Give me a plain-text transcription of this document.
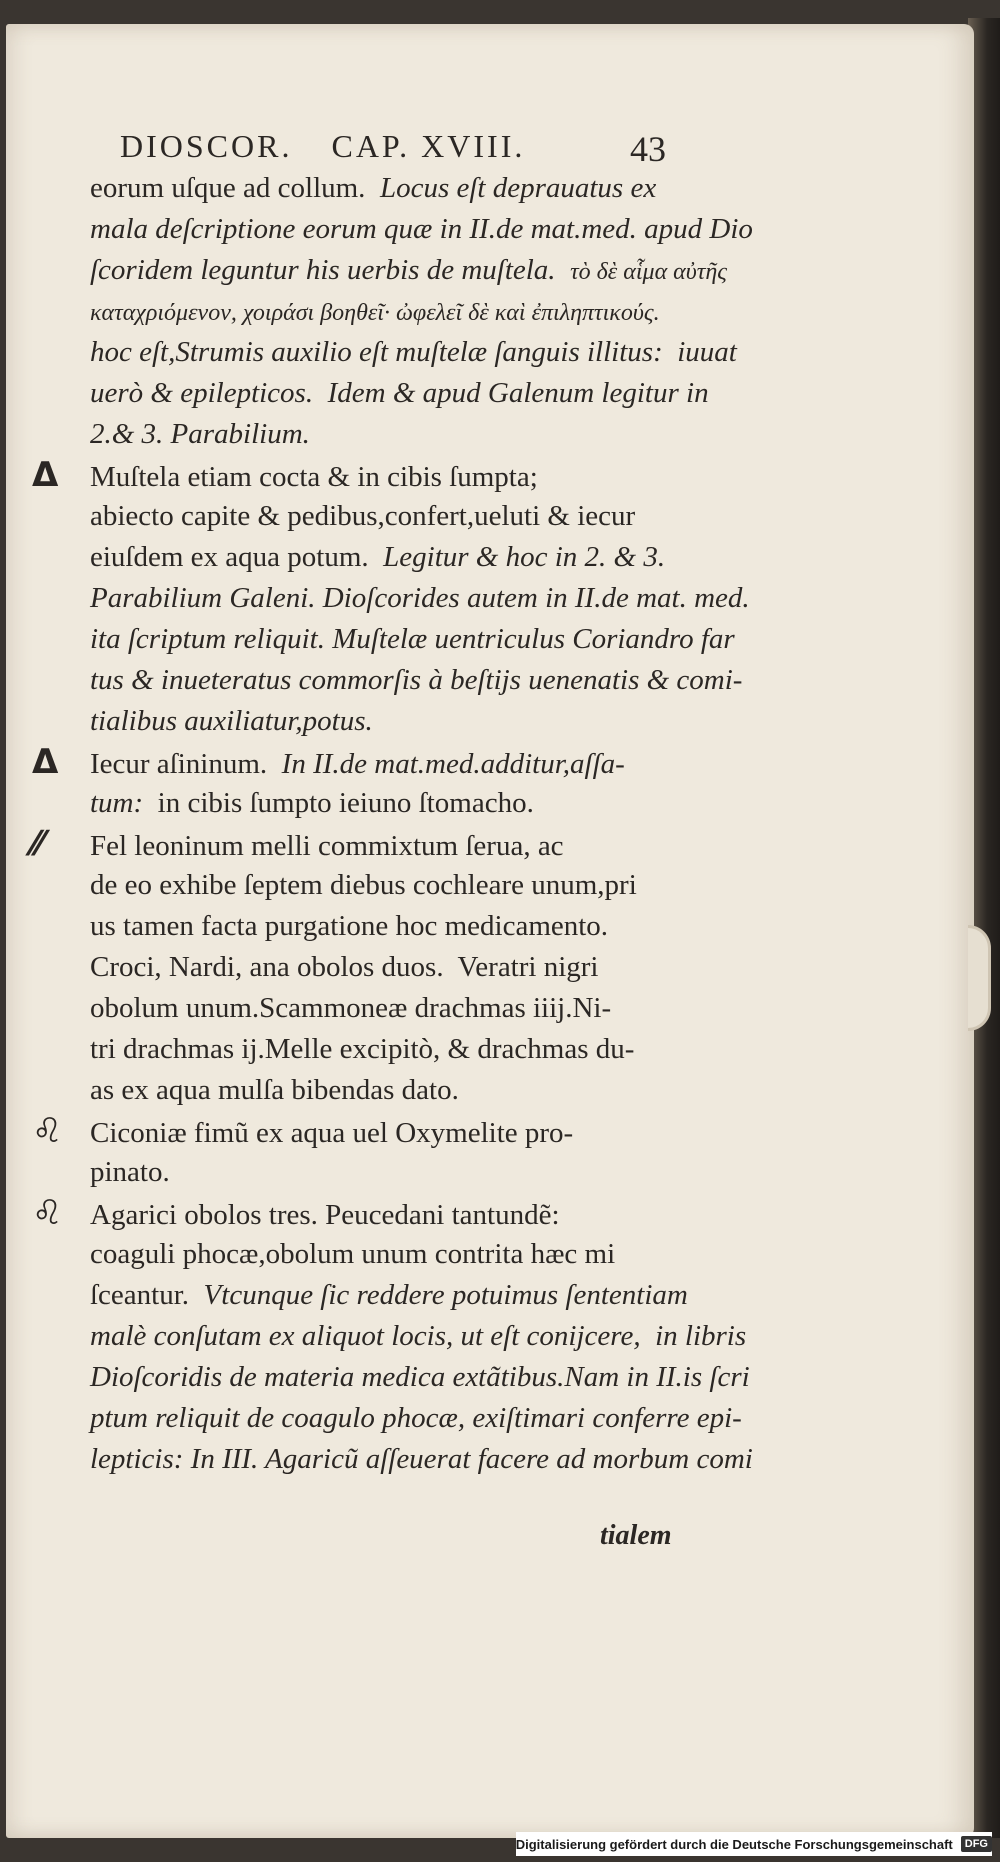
DIOSCOR. CAP. XVIII.	43
eorum uſque ad collum.  Locus eſt deprauatus ex
mala deſcriptione eorum quæ in II.de mat.med. apud Dio
ſcoridem leguntur his uerbis de muſtela.  τὸ δὲ αἷμα αὐτῆς
καταχριόμενον, χοιράσι βοηθεῖ· ὠφελεῖ δὲ καὶ ἐπιληπτικούς.
hoc eſt,Strumis auxilio eſt muſtelæ ſanguis illitus:  iuuat
uerò & epilepticos.  Idem & apud Galenum legitur in
2.& 3. Parabilium.
Δ Muſtela etiam cocta & in cibis ſumpta;
abiecto capite & pedibus,confert,ueluti & iecur
eiuſdem ex aqua potum.  Legitur & hoc in 2. & 3.
Parabilium Galeni. Dioſcorides autem in II.de mat. med.
ita ſcriptum reliquit. Muſtelæ uentriculus Coriandro far
tus & inueteratus commorſis à beſtijs uenenatis & comi-
tialibus auxiliatur,potus.
Δ Iecur aſininum.  In II.de mat.med.additur,aſſa-
tum:  in cibis ſumpto ieiuno ſtomacho.
⁄⁄ Fel leoninum melli commixtum ſerua, ac
de eo exhibe ſeptem diebus cochleare unum,pri
us tamen facta purgatione hoc medicamento.
Croci, Nardi, ana obolos duos.  Veratri nigri
obolum unum.Scammoneæ drachmas iiij.Ni-
tri drachmas ij.Melle excipitò, & drachmas du-
as ex aqua mulſa bibendas dato.
♌ Ciconiæ fimũ ex aqua uel Oxymelite pro-
pinato.
♌ Agarici obolos tres. Peucedani tantundẽ:
coaguli phocæ,obolum unum contrita hæc mi
ſceantur.  Vtcunque ſic reddere potuimus ſententiam
malè conſutam ex aliquot locis, ut eſt conijcere,  in libris
Dioſcoridis de materia medica extãtibus.Nam in II.is ſcri
ptum reliquit de coagulo phocæ, exiſtimari conferre epi-
lepticis: In III. Agaricũ aſſeuerat facere ad morbum comi
tialem
Digitalisierung gefördert durch die Deutsche Forschungsgemeinschaft	DFG
